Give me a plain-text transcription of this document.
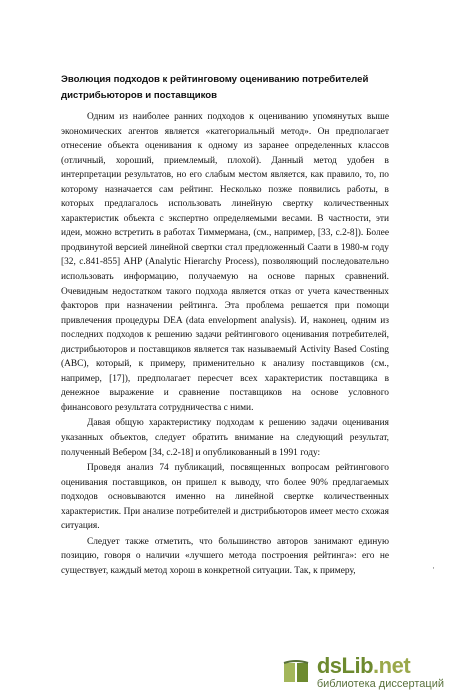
Эволюция подходов к рейтинговому оцениванию потребителей дистрибьюторов и поставщиков

Одним из наиболее ранних подходов к оцениванию упомянутых выше экономических агентов является «категориальный метод». Он предполагает отнесение объекта оценивания к одному из заранее определенных классов (отличный, хороший, приемлемый, плохой). Данный метод удобен в интерпретации результатов, но его слабым местом является, как правило, то, по которому назначается сам рейтинг. Несколько позже появились работы, в которых предлагалось использовать линейную свертку количественных характеристик объекта с экспертно определяемыми весами. В частности, эти идеи, можно встретить в работах Тиммермана, (см., например, [33, с.2-8]). Более продвинутой версией линейной свертки стал предложенный Саати в 1980-м году [32, с.841-855] AHP (Analytic Hierarchy Process), позволяющий последовательно использовать информацию, получаемую на основе парных сравнений. Очевидным недостатком такого подхода является отказ от учета качественных факторов при назначении рейтинга. Эта проблема решается при помощи привлечения процедуры DEA (data envelopment analysis). И, наконец, одним из последних подходов к решению задачи рейтингового оценивания потребителей, дистрибьюторов и поставщиков является так называемый Activity Based Costing (ABC), который, к примеру, применительно к анализу поставщиков (см., например, [17]), предполагает пересчет всех характеристик поставщика в денежное выражение и сравнение поставщиков на основе условного финансового результата сотрудничества с ними.

Давая общую характеристику подходам к решению задачи оценивания указанных объектов, следует обратить внимание на следующий результат, полученный Вебером [34, с.2-18] и опубликованный в 1991 году:

Проведя анализ 74 публикаций, посвященных вопросам рейтингового оценивания поставщиков, он пришел к выводу, что более 90% предлагаемых подходов основываются именно на линейной свертке количественных характеристик. При анализе потребителей и дистрибьюторов имеет место схожая ситуация.

Следует также отметить, что большинство авторов занимают единую позицию, говоря о наличии «лучшего метода построения рейтинга»: его не существует, каждый метод хорош в конкретной ситуации. Так, к примеру,	·
dsLib.net
библиотека диссертаций
